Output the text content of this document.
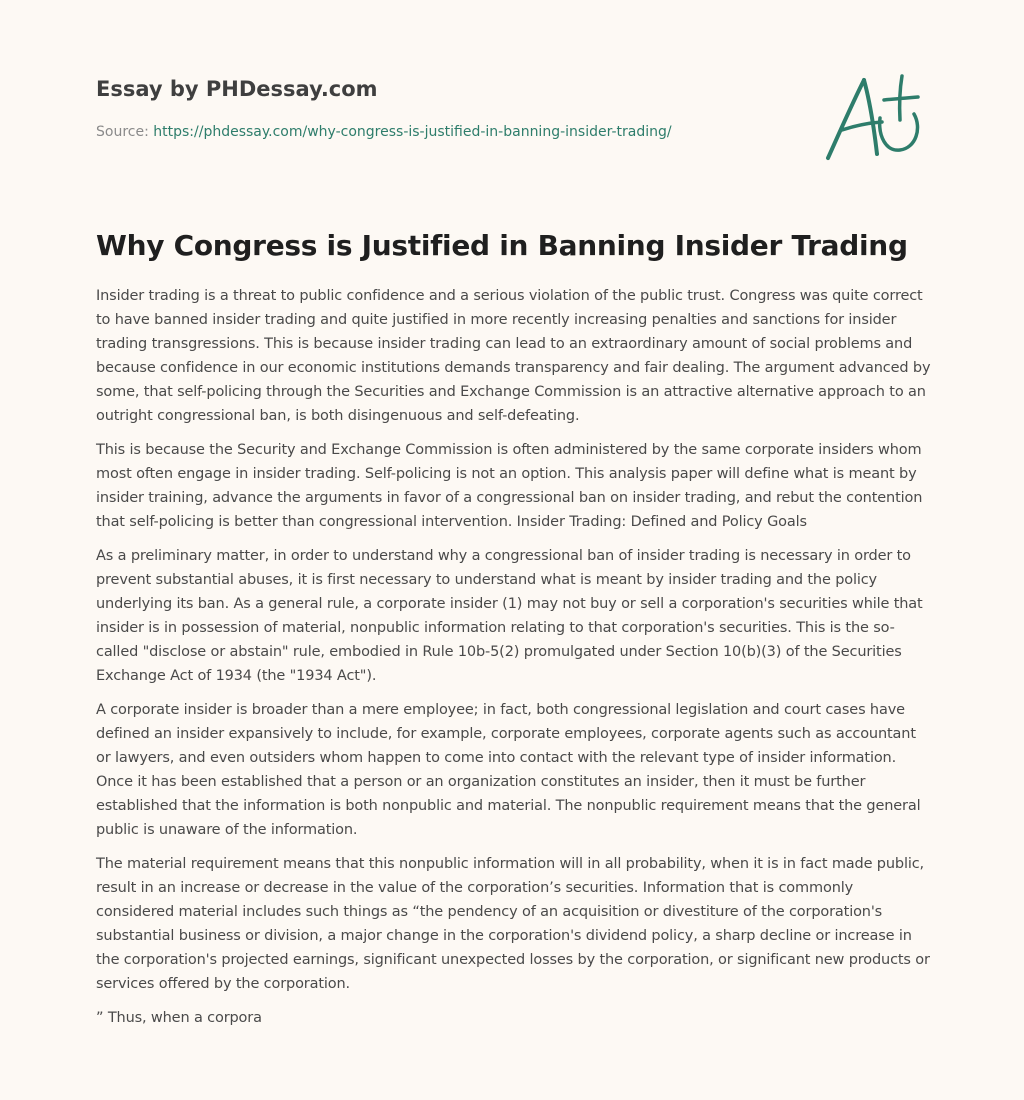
Essay by PHDessay.com
Source: https://phdessay.com/why-congress-is-justified-in-banning-insider-trading/
Why Congress is Justified in Banning Insider Trading

Insider trading is a threat to public confidence and a serious violation of the public trust. Congress was quite correct to have banned insider trading and quite justified in more recently increasing penalties and sanctions for insider trading transgressions. This is because insider trading can lead to an extraordinary amount of social problems and because confidence in our economic institutions demands transparency and fair dealing. The argument advanced by some, that self-policing through the Securities and Exchange Commission is an attractive alternative approach to an outright congressional ban, is both disingenuous and self-defeating.

This is because the Security and Exchange Commission is often administered by the same corporate insiders whom most often engage in insider trading. Self-policing is not an option. This analysis paper will define what is meant by insider training, advance the arguments in favor of a congressional ban on insider trading, and rebut the contention that self-policing is better than congressional intervention. Insider Trading: Defined and Policy Goals

As a preliminary matter, in order to understand why a congressional ban of insider trading is necessary in order to prevent substantial abuses, it is first necessary to understand what is meant by insider trading and the policy underlying its ban. As a general rule, a corporate insider (1) may not buy or sell a corporation's securities while that insider is in possession of material, nonpublic information relating to that corporation's securities. This is the so-called "disclose or abstain" rule, embodied in Rule 10b-5(2) promulgated under Section 10(b)(3) of the Securities Exchange Act of 1934 (the "1934 Act").

A corporate insider is broader than a mere employee; in fact, both congressional legislation and court cases have defined an insider expansively to include, for example, corporate employees, corporate agents such as accountant or lawyers, and even outsiders whom happen to come into contact with the relevant type of insider information. Once it has been established that a person or an organization constitutes an insider, then it must be further established that the information is both nonpublic and material. The nonpublic requirement means that the general public is unaware of the information.

The material requirement means that this nonpublic information will in all probability, when it is in fact made public, result in an increase or decrease in the value of the corporation’s securities. Information that is commonly considered material includes such things as “the pendency of an acquisition or divestiture of the corporation's substantial business or division, a major change in the corporation's dividend policy, a sharp decline or increase in the corporation's projected earnings, significant unexpected losses by the corporation, or significant new products or services offered by the corporation.

” Thus, when a corpora
